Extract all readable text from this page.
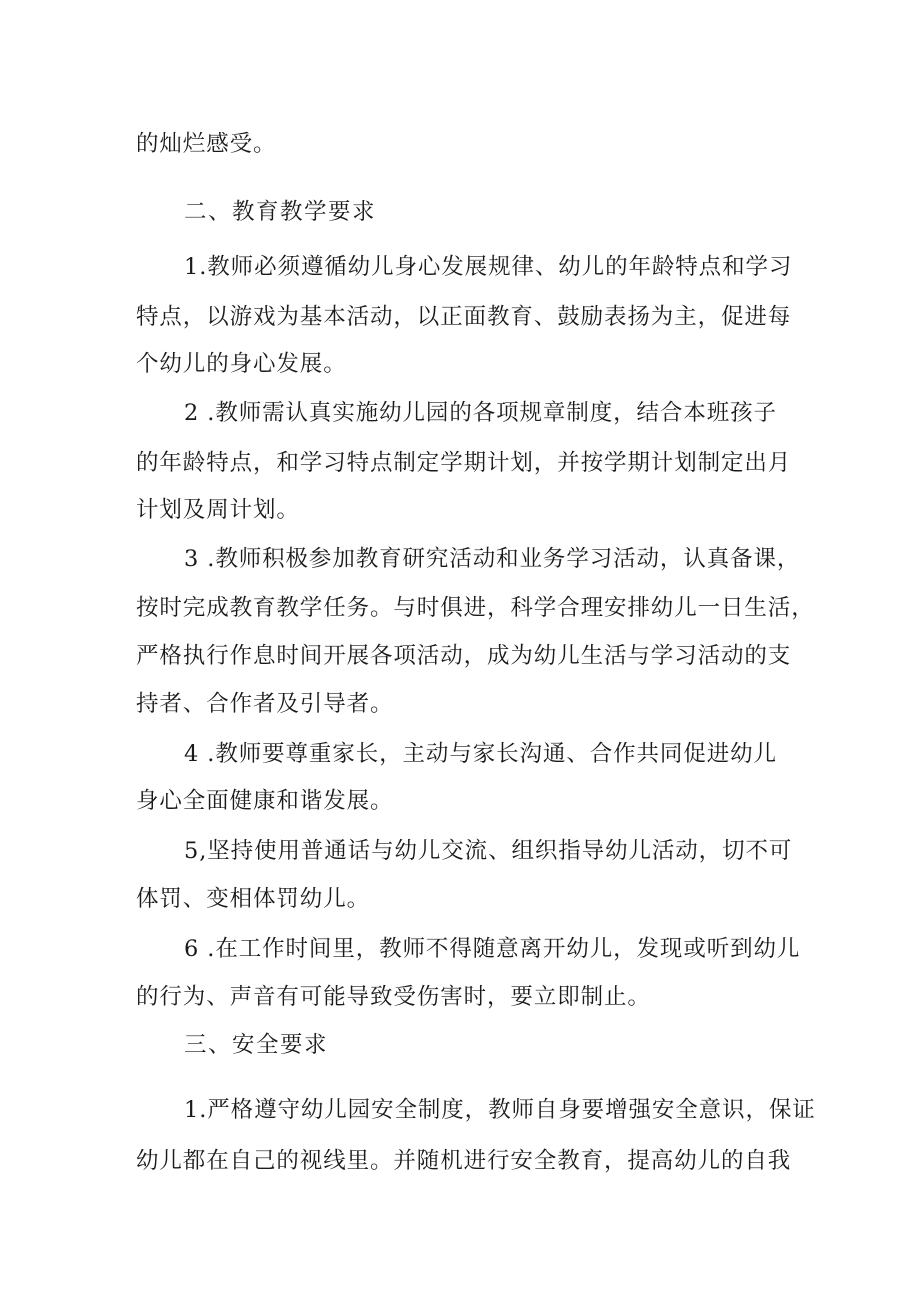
的灿烂感受。
二、教育教学要求
1.教师必须遵循幼儿身心发展规律、幼儿的年龄特点和学习
特点，以游戏为基本活动，以正面教育、鼓励表扬为主，促进每
个幼儿的身心发展。
2 .教师需认真实施幼儿园的各项规章制度，结合本班孩子
的年龄特点，和学习特点制定学期计划，并按学期计划制定出月
计划及周计划。
3 .教师积极参加教育研究活动和业务学习活动，认真备课，
按时完成教育教学任务。与时俱进，科学合理安排幼儿一日生活，
严格执行作息时间开展各项活动，成为幼儿生活与学习活动的支
持者、合作者及引导者。
4 .教师要尊重家长，主动与家长沟通、合作共同促进幼儿
身心全面健康和谐发展。
5,坚持使用普通话与幼儿交流、组织指导幼儿活动，切不可
体罚、变相体罚幼儿。
6 .在工作时间里，教师不得随意离开幼儿，发现或听到幼儿
的行为、声音有可能导致受伤害时，要立即制止。
三、安全要求
1.严格遵守幼儿园安全制度，教师自身要增强安全意识，保证
幼儿都在自己的视线里。并随机进行安全教育，提高幼儿的自我
